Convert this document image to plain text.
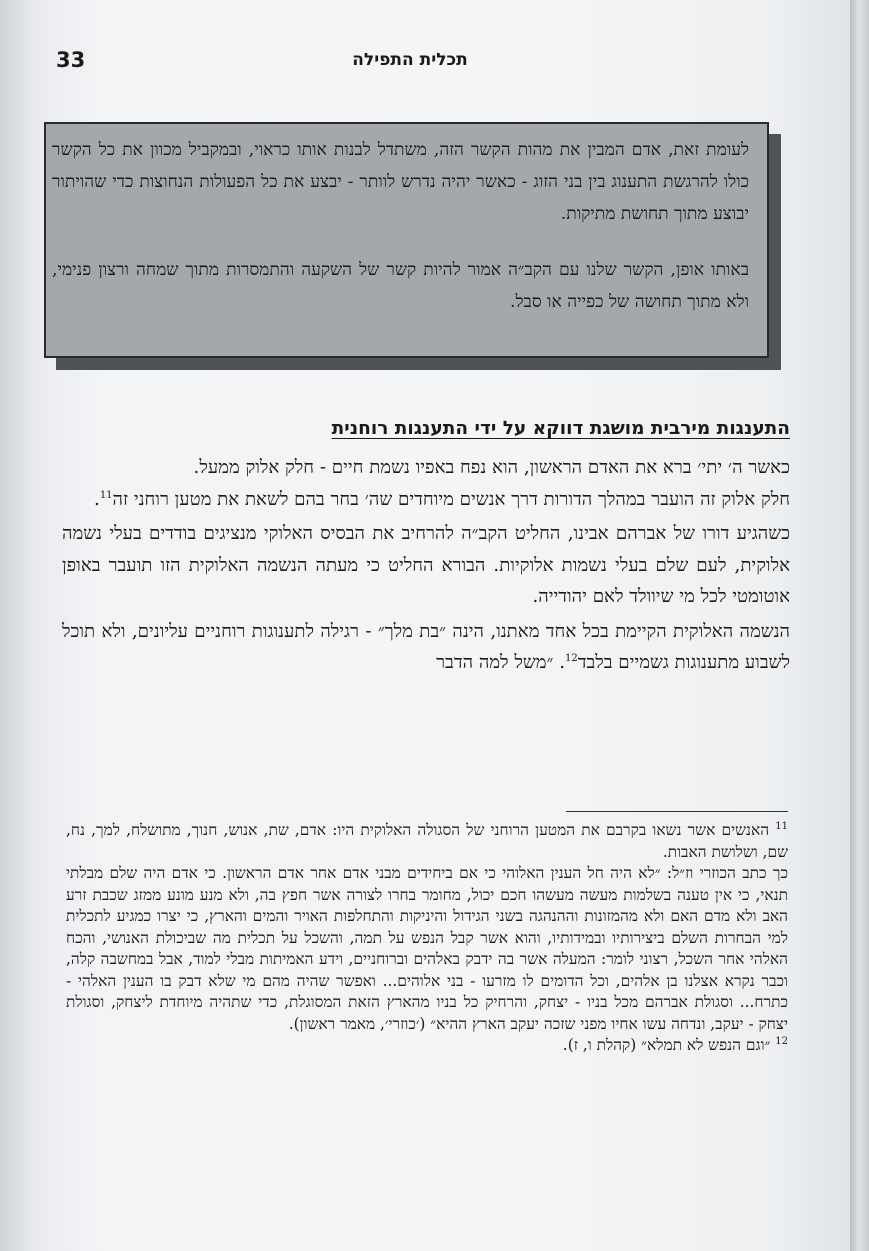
33	תכלית התפילה

לעומת זאת, אדם המבין את מהות הקשר הזה, משתדל לבנות אותו כראוי, ובמקביל מכוון את כל הקשר כולו להרגשת התענוג בין בני הזוג - כאשר יהיה נדרש לוותר - יבצע את כל הפעולות הנחוצות כדי שהויתור יבוצע מתוך תחושת מתיקות.

באותו אופן, הקשר שלנו עם הקב״ה אמור להיות קשר של השקעה והתמסרות מתוך שמחה ורצון פנימי, ולא מתוך תחושה של כפייה או סבל.

התענגות מירבית מושגת דווקא על ידי התענגות רוחנית

כאשר ה׳ יתי׳ ברא את האדם הראשון, הוא נפח באפיו נשמת חיים - חלק אלוק ממעל.

חלק אלוק זה הועבר במהלך הדורות דרך אנשים מיוחדים שה׳ בחר בהם לשאת את מטען רוחני זה$^{11}$.

כשהגיע דורו של אברהם אבינו, החליט הקב״ה להרחיב את הבסיס האלוקי מנציגים בודדים בעלי נשמה אלוקית, לעם שלם בעלי נשמות אלוקיות. הבורא החליט כי מעתה הנשמה האלוקית הזו תועבר באופן אוטומטי לכל מי שיוולד לאם יהודייה.

הנשמה האלוקית הקיימת בכל אחד מאתנו, הינה ״בת מלך״ - רגילה לתענוגות רוחניים עליונים, ולא תוכל לשבוע מתענוגות גשמיים בלבד$^{12}$. ״משל למה הדבר

$^{11}$ האנשים אשר נשאו בקרבם את המטען הרוחני של הסגולה האלוקית היו: אדם, שת, אנוש, חנוך, מתושלח, למך, נח, שם, ושלושת האבות.

כך כתב הכוזרי וז״ל: ״לא היה חל הענין האלוהי כי אם ביחידים מבני אדם אחר אדם הראשון. כי אדם היה שלם מבלתי תנאי, כי אין טענה בשלמות מעשה מעשהו חכם יכול, מחומר בחרו לצורה אשר חפץ בה, ולא מנע מונע ממזג שכבת זרע האב ולא מדם האם ולא מהמזונות וההנהגה בשני הגידול והיניקות והתחלפות האויר והמים והארץ, כי יצרו כמגיע לתכלית למי הבחרות השלם ביצירותיו ובמידותיו, והוא אשר קבל הנפש על תמה, והשכל על תכלית מה שביכולת האנושי, והכח האלהי אחר השכל, רצוני לומר: המעלה אשר בה ידבק באלהים וברוחניים, וידע האמיתות מבלי למוד, אבל במחשבה קלה, וכבר נקרא אצלנו בן אלהים, וכל הדומים לו מזרעו - בני אלוהים... ואפשר שהיה מהם מי שלא דבק בו הענין האלהי - כתרח... וסגולת אברהם מכל בניו - יצחק, והרחיק כל בניו מהארץ הזאת המסוגלת, כדי שתהיה מיוחדת ליצחק, וסגולת יצחק - יעקב, ונדחה עשו אחיו מפני שזכה יעקב הארץ ההיא״ (׳כוזרי׳, מאמר ראשון).

$^{12}$ ״וגם הנפש לא תמלא״ (קהלת ו, ז).
